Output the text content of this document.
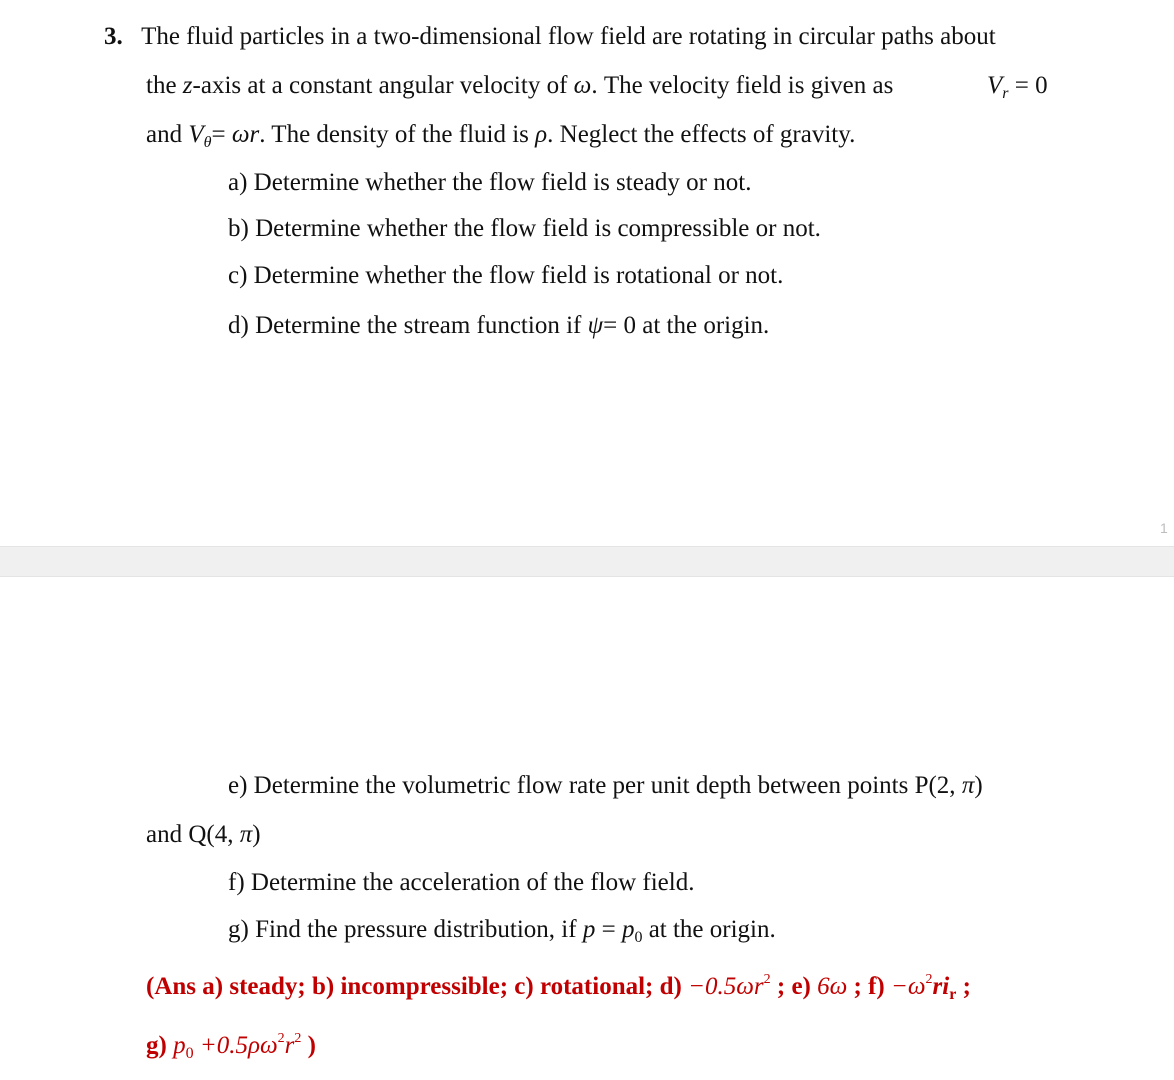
3. The fluid particles in a two-dimensional flow field are rotating in circular paths about
the z-axis at a constant angular velocity of ω. The velocity field is given as	$V_r = 0$
and $V_\theta= \omega r$. The density of the fluid is ρ. Neglect the effects of gravity.
a) Determine whether the flow field is steady or not.
b) Determine whether the flow field is compressible or not.
c) Determine whether the flow field is rotational or not.
d) Determine the stream function if ψ= 0 at the origin.
1
e) Determine the volumetric flow rate per unit depth between points P(2, π)
and Q(4, π)
f) Determine the acceleration of the flow field.
g) Find the pressure distribution, if $p = p_0$ at the origin.
(Ans a) steady; b) incompressible; c) rotational; $d) -0.5\omega r^2$ ; e) 6ω ; $f) -\omega^2ri_r$ ;
g) $p_0 +0.5\rho\omega^2r^2$ )
